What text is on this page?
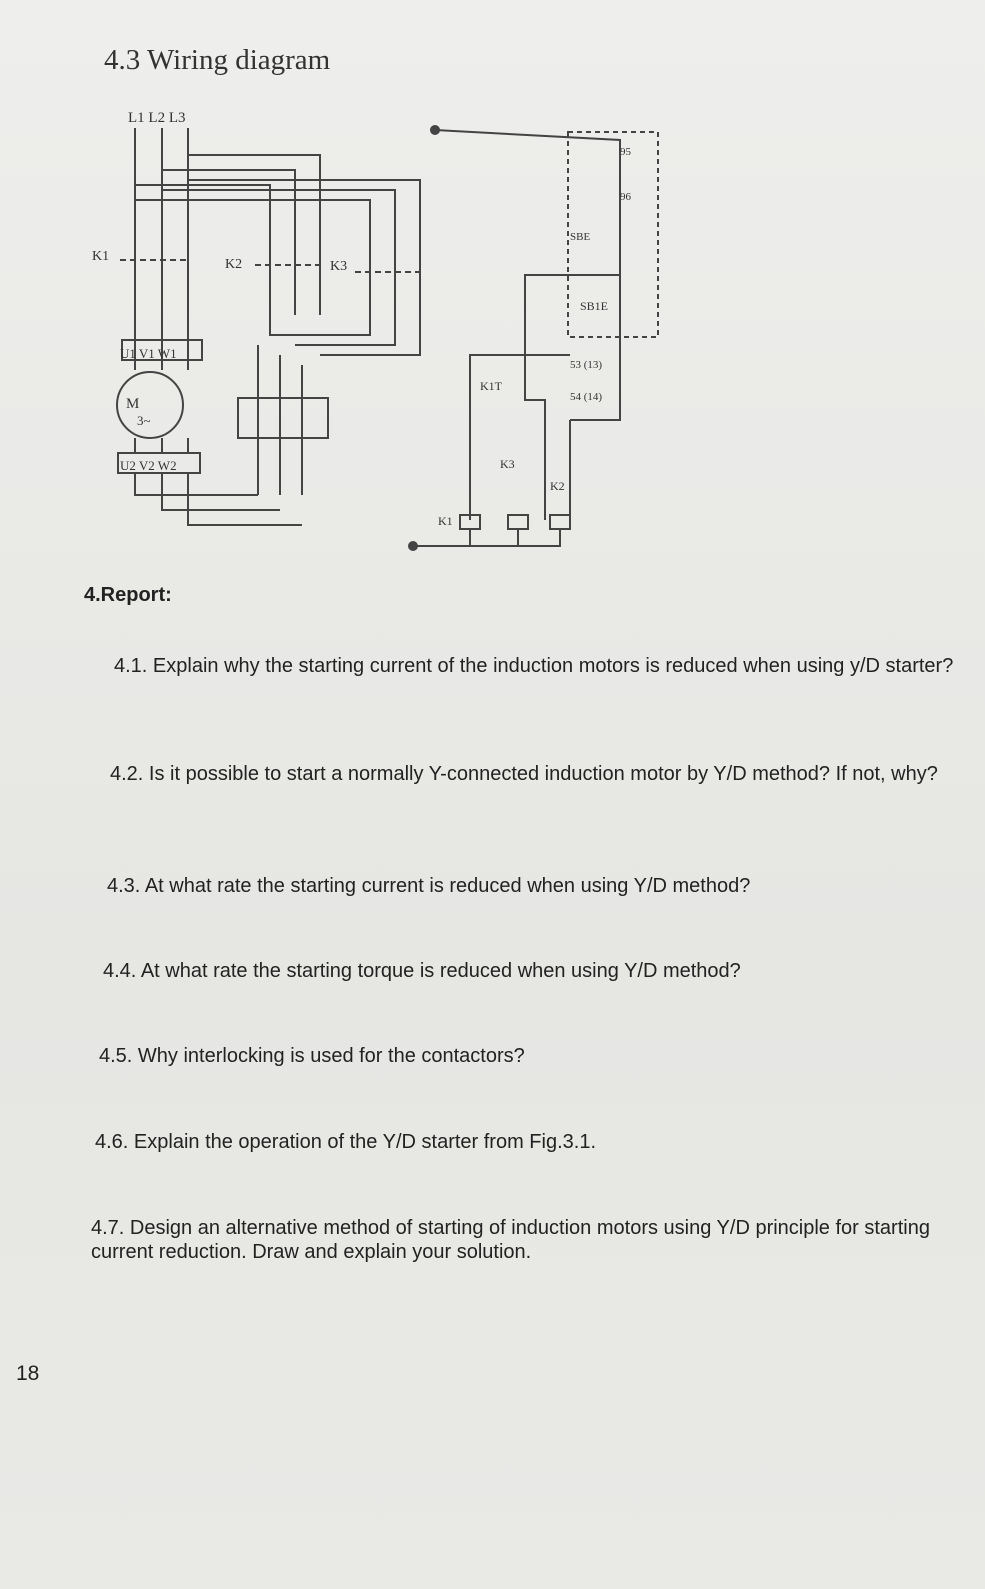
4.3 Wiring diagram
L1 L2 L3
K1
K2	K3
M
3~
U1 V1 W1
U2 V2 W2
95
96
SBE
SB1E
53 (13)
54 (14)
K1T
K3
K2
K1
4.Report:
4.1. Explain why the starting current of the induction motors is reduced when using y/D starter?
4.2. Is it possible to start a normally Y-connected induction motor by Y/D method? If not, why?
4.3. At what rate the starting current is reduced when using Y/D method?
4.4. At what rate the starting torque is reduced when using Y/D method?
4.5. Why interlocking is used for the contactors?
4.6. Explain the operation of the Y/D starter from Fig.3.1.
4.7. Design an alternative method of starting of induction motors using Y/D principle for starting current reduction. Draw and explain your solution.
18
